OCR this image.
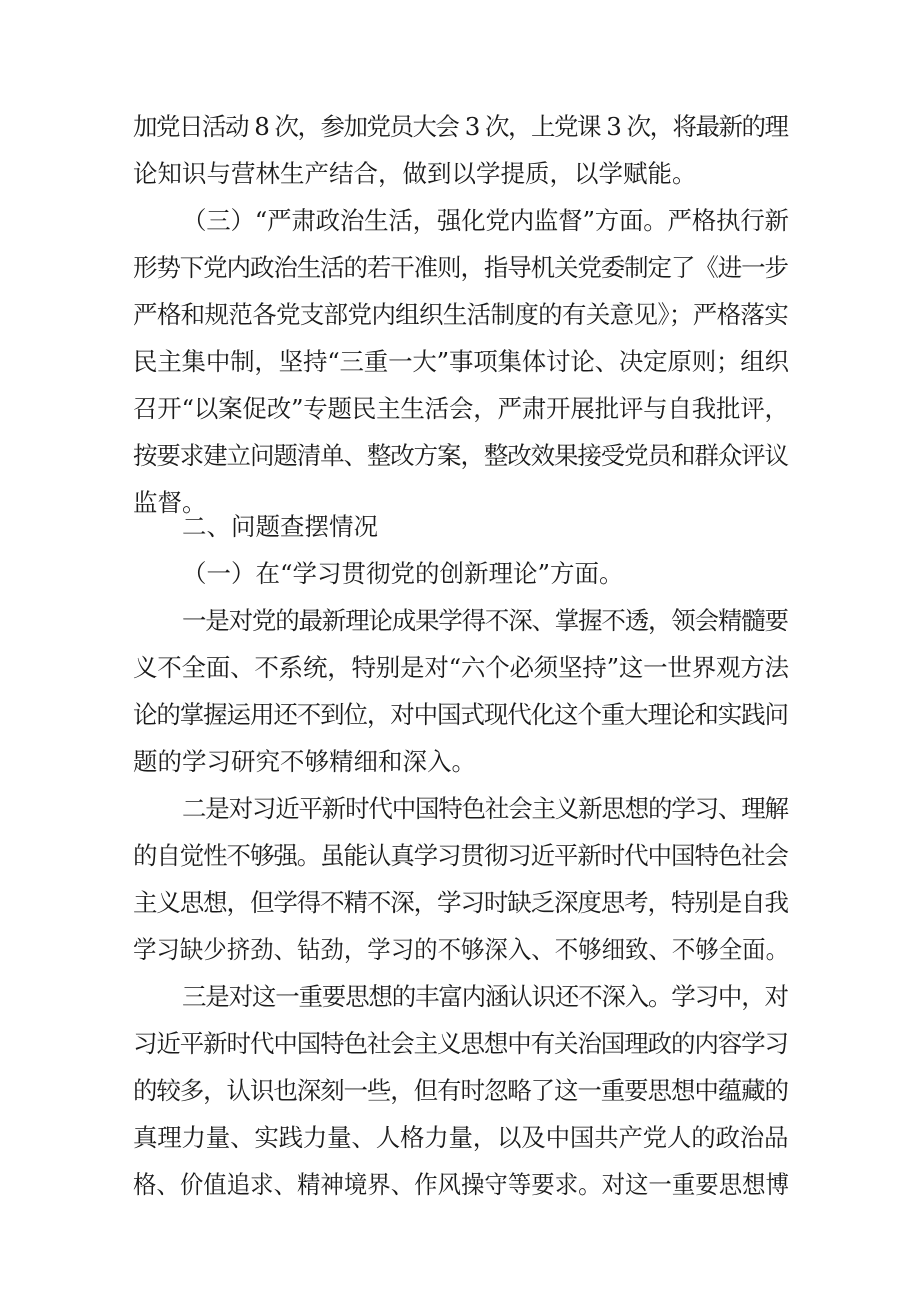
加党日活动 8 次，参加党员大会 3 次，上党课 3 次，将最新的理
论知识与营林生产结合，做到以学提质，以学赋能。
（三）“严肃政治生活，强化党内监督”方面。严格执行新
形势下党内政治生活的若干准则，指导机关党委制定了《进一步
严格和规范各党支部党内组织生活制度的有关意见》；严格落实
民主集中制，坚持“三重一大”事项集体讨论、决定原则；组织
召开“以案促改”专题民主生活会，严肃开展批评与自我批评，
按要求建立问题清单、整改方案，整改效果接受党员和群众评议
监督。
二、问题查摆情况
（一）在“学习贯彻党的创新理论”方面。
一是对党的最新理论成果学得不深、掌握不透，领会精髓要
义不全面、不系统，特别是对“六个必须坚持”这一世界观方法
论的掌握运用还不到位，对中国式现代化这个重大理论和实践问
题的学习研究不够精细和深入。
二是对习近平新时代中国特色社会主义新思想的学习、理解
的自觉性不够强。虽能认真学习贯彻习近平新时代中国特色社会
主义思想，但学得不精不深，学习时缺乏深度思考，特别是自我
学习缺少挤劲、钻劲，学习的不够深入、不够细致、不够全面。
三是对这一重要思想的丰富内涵认识还不深入。学习中，对
习近平新时代中国特色社会主义思想中有关治国理政的内容学习
的较多，认识也深刻一些，但有时忽略了这一重要思想中蕴藏的
真理力量、实践力量、人格力量，以及中国共产党人的政治品
格、价值追求、精神境界、作风操守等要求。对这一重要思想博
